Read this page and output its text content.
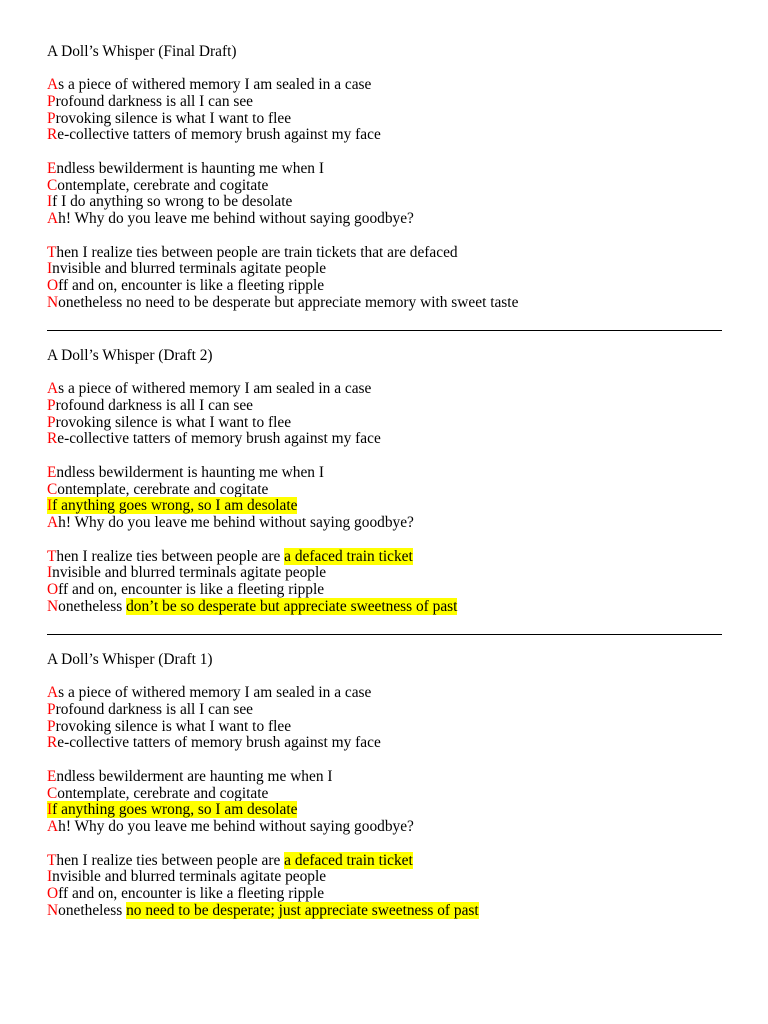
A Doll’s Whisper (Final Draft)
As a piece of withered memory I am sealed in a case
Profound darkness is all I can see
Provoking silence is what I want to flee
Re-collective tatters of memory brush against my face
Endless bewilderment is haunting me when I
Contemplate, cerebrate and cogitate
If I do anything so wrong to be desolate
Ah! Why do you leave me behind without saying goodbye?
Then I realize ties between people are train tickets that are defaced
Invisible and blurred terminals agitate people
Off and on, encounter is like a fleeting ripple
Nonetheless no need to be desperate but appreciate memory with sweet taste
A Doll’s Whisper (Draft 2)
As a piece of withered memory I am sealed in a case
Profound darkness is all I can see
Provoking silence is what I want to flee
Re-collective tatters of memory brush against my face
Endless bewilderment is haunting me when I
Contemplate, cerebrate and cogitate
If anything goes wrong, so I am desolate
Ah! Why do you leave me behind without saying goodbye?
Then I realize ties between people are a defaced train ticket
Invisible and blurred terminals agitate people
Off and on, encounter is like a fleeting ripple
Nonetheless don’t be so desperate but appreciate sweetness of past
A Doll’s Whisper (Draft 1)
As a piece of withered memory I am sealed in a case
Profound darkness is all I can see
Provoking silence is what I want to flee
Re-collective tatters of memory brush against my face
Endless bewilderment are haunting me when I
Contemplate, cerebrate and cogitate
If anything goes wrong, so I am desolate
Ah! Why do you leave me behind without saying goodbye?
Then I realize ties between people are a defaced train ticket
Invisible and blurred terminals agitate people
Off and on, encounter is like a fleeting ripple
Nonetheless no need to be desperate; just appreciate sweetness of past
